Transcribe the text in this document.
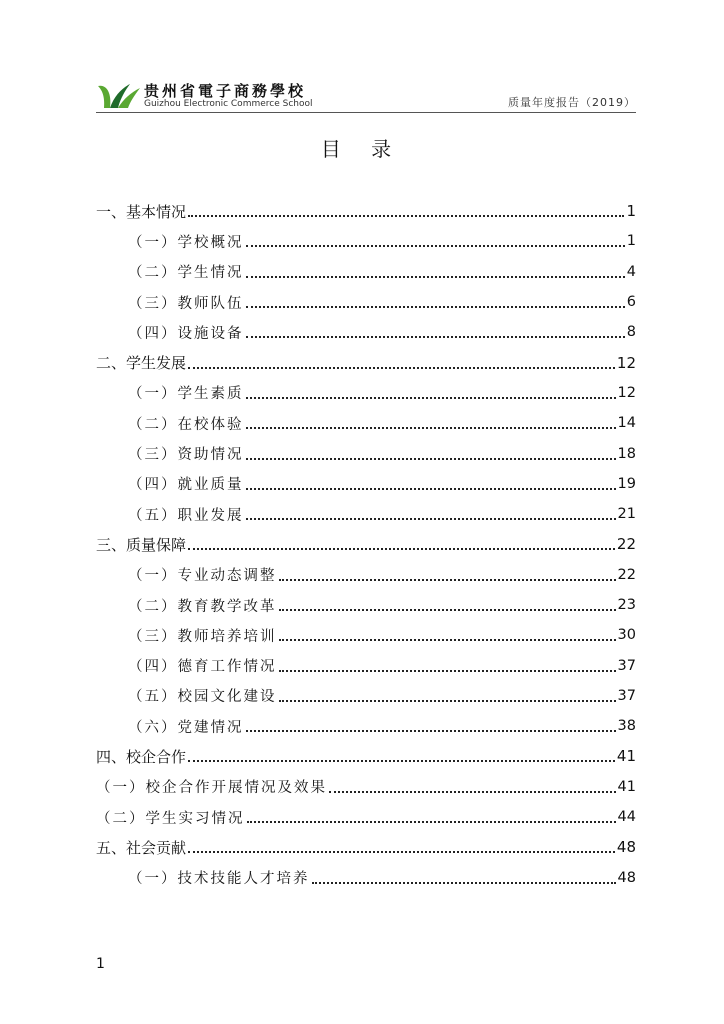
贵州省電子商務學校
Guizhou Electronic Commerce School	质量年度报告（2019）
目 录
一、基本情况	1
（一）学校概况	1
（二）学生情况	4
（三）教师队伍	6
（四）设施设备	8
二、学生发展	12
（一）学生素质	12
（二）在校体验	14
（三）资助情况	18
（四）就业质量	19
（五）职业发展	21
三、质量保障	22
（一）专业动态调整	22
（二）教育教学改革	23
（三）教师培养培训	30
（四）德育工作情况	37
（五）校园文化建设	37
（六）党建情况	38
四、校企合作	41
（一）校企合作开展情况及效果	41
（二）学生实习情况	44
五、社会贡献	48
（一）技术技能人才培养	48
1
